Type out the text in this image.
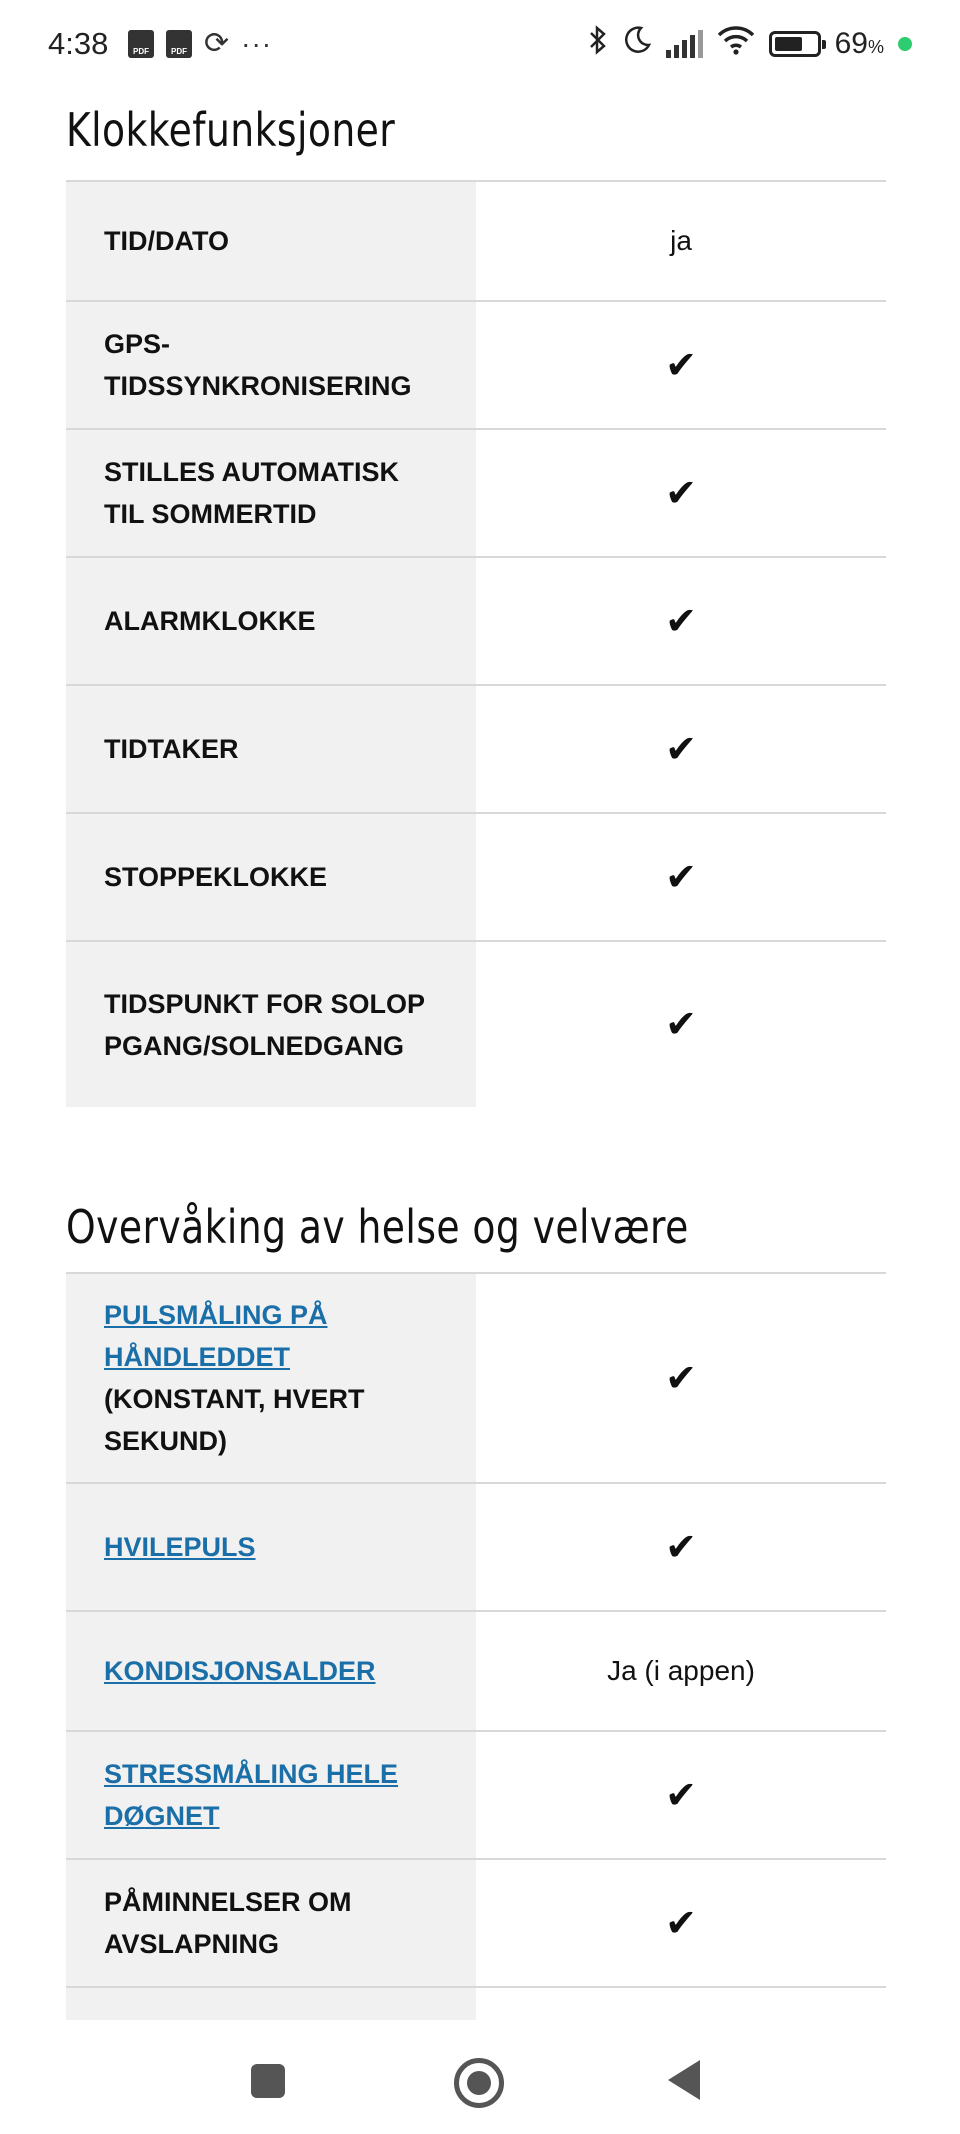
4:38	PDF	PDF ⟳ ···	69%
Klokkefunksjoner
TID/DATO	ja
GPS-
TIDSSYNKRONISERING	✔
STILLES AUTOMATISK TIL SOMMERTID	✔
ALARMKLOKKE	✔
TIDTAKER	✔
STOPPEKLOKKE	✔
TIDSPUNKT FOR SOLOPPGANG/SOLNEDGANG	✔
Overvåking av helse og velvære
PULSMÅLING PÅ HÅNDLEDDET
(KONSTANT, HVERT SEKUND)	✔
HVILEPULS	✔
KONDISJONSALDER	Ja (i appen)
STRESSMÅLING HELE DØGNET	✔
PÅMINNELSER OM AVSLAPNING	✔
